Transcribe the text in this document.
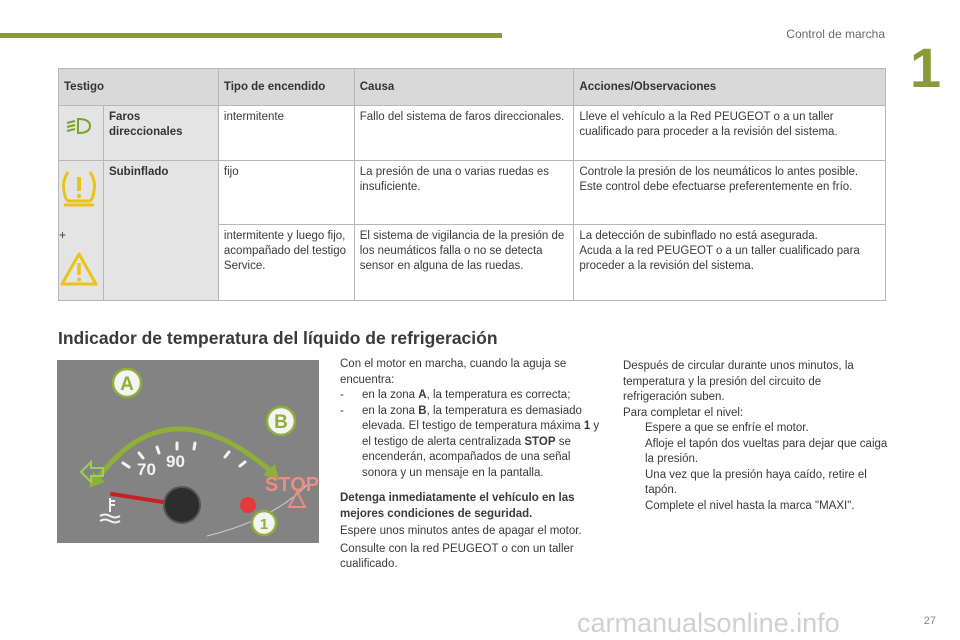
Control de marcha
1
Testigo		Tipo de encendido	Causa	Acciones/Observaciones
	Faros direccionales	intermitente	Fallo del sistema de faros direccionales.	Lleve el vehículo a la Red PEUGEOT o a un taller cualificado para proceder a la revisión del sistema.

+	Subinflado	fijo	La presión de una o varias ruedas es insuficiente.	Controle la presión de los neumáticos lo antes posible.
Este control debe efectuarse preferentemente en frío.

		intermitente y luego fijo, acompañado del testigo Service.	El sistema de vigilancia de la presión de los neumáticos falla o no se detecta sensor en alguna de las ruedas.	La detección de subinflado no está asegurada.
Acuda a la red PEUGEOT o a un taller cualificado para proceder a la revisión del sistema.
Indicador de temperatura del líquido de refrigeración
70 90
STOP
A
B
1

Con el motor en marcha, cuando la aguja se encuentra:

- en la zona A, la temperatura es correcta;
- en la zona B, la temperatura es demasiado elevada. El testigo de temperatura máxima 1 y el testigo de alerta centralizada STOP se encenderán, acompañados de una señal sonora y un mensaje en la pantalla.

Detenga inmediatamente el vehículo en las mejores condiciones de seguridad.

Espere unos minutos antes de apagar el motor.

Consulte con la red PEUGEOT o con un taller cualificado.

Después de circular durante unos minutos, la temperatura y la presión del circuito de refrigeración suben.

Para completar el nivel:

Espere a que se enfríe el motor.
Afloje el tapón dos vueltas para dejar que caiga la presión.
Una vez que la presión haya caído, retire el tapón.
Complete el nivel hasta la marca "MAXI".
carmanualsonline.info	27
